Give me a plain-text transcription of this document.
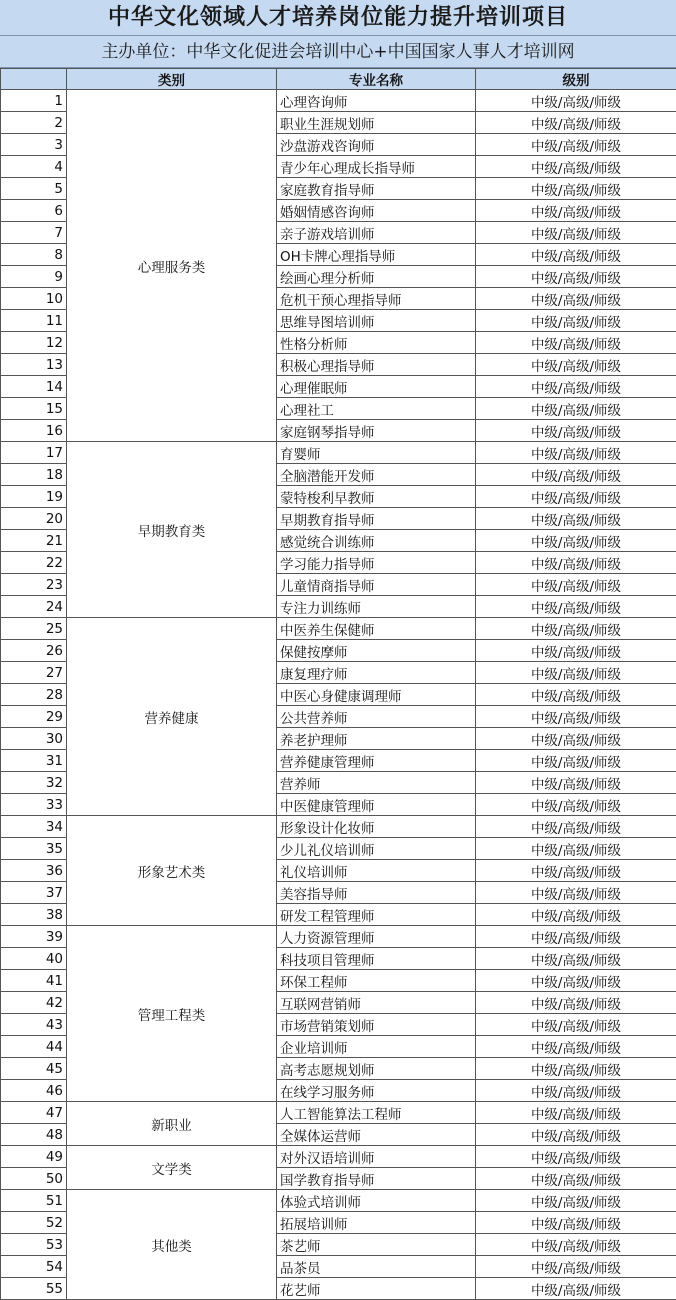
中华文化领域人才培养岗位能力提升培训项目
主办单位：中华文化促进会培训中心+中国国家人事人才培训网
	类别	专业名称	级别
1	心理服务类	心理咨询师	中级/高级/师级
2		职业生涯规划师	中级/高级/师级
3		沙盘游戏咨询师	中级/高级/师级
4		青少年心理成长指导师	中级/高级/师级
5		家庭教育指导师	中级/高级/师级
6		婚姻情感咨询师	中级/高级/师级
7		亲子游戏培训师	中级/高级/师级
8		OH卡牌心理指导师	中级/高级/师级
9		绘画心理分析师	中级/高级/师级
10		危机干预心理指导师	中级/高级/师级
11		思维导图培训师	中级/高级/师级
12		性格分析师	中级/高级/师级
13		积极心理指导师	中级/高级/师级
14		心理催眠师	中级/高级/师级
15		心理社工	中级/高级/师级
16		家庭钢琴指导师	中级/高级/师级
17	早期教育类	育婴师	中级/高级/师级
18		全脑潜能开发师	中级/高级/师级
19		蒙特梭利早教师	中级/高级/师级
20		早期教育指导师	中级/高级/师级
21		感觉统合训练师	中级/高级/师级
22		学习能力指导师	中级/高级/师级
23		儿童情商指导师	中级/高级/师级
24		专注力训练师	中级/高级/师级
25	营养健康	中医养生保健师	中级/高级/师级
26		保健按摩师	中级/高级/师级
27		康复理疗师	中级/高级/师级
28		中医心身健康调理师	中级/高级/师级
29		公共营养师	中级/高级/师级
30		养老护理师	中级/高级/师级
31		营养健康管理师	中级/高级/师级
32		营养师	中级/高级/师级
33		中医健康管理师	中级/高级/师级
34	形象艺术类	形象设计化妆师	中级/高级/师级
35		少儿礼仪培训师	中级/高级/师级
36		礼仪培训师	中级/高级/师级
37		美容指导师	中级/高级/师级
38		研发工程管理师	中级/高级/师级
39	管理工程类	人力资源管理师	中级/高级/师级
40		科技项目管理师	中级/高级/师级
41		环保工程师	中级/高级/师级
42		互联网营销师	中级/高级/师级
43		市场营销策划师	中级/高级/师级
44		企业培训师	中级/高级/师级
45		高考志愿规划师	中级/高级/师级
46		在线学习服务师	中级/高级/师级
47	新职业	人工智能算法工程师	中级/高级/师级
48		全媒体运营师	中级/高级/师级
49	文学类	对外汉语培训师	中级/高级/师级
50		国学教育指导师	中级/高级/师级
51	其他类	体验式培训师	中级/高级/师级
52		拓展培训师	中级/高级/师级
53		茶艺师	中级/高级/师级
54		品茶员	中级/高级/师级
55		花艺师	中级/高级/师级
